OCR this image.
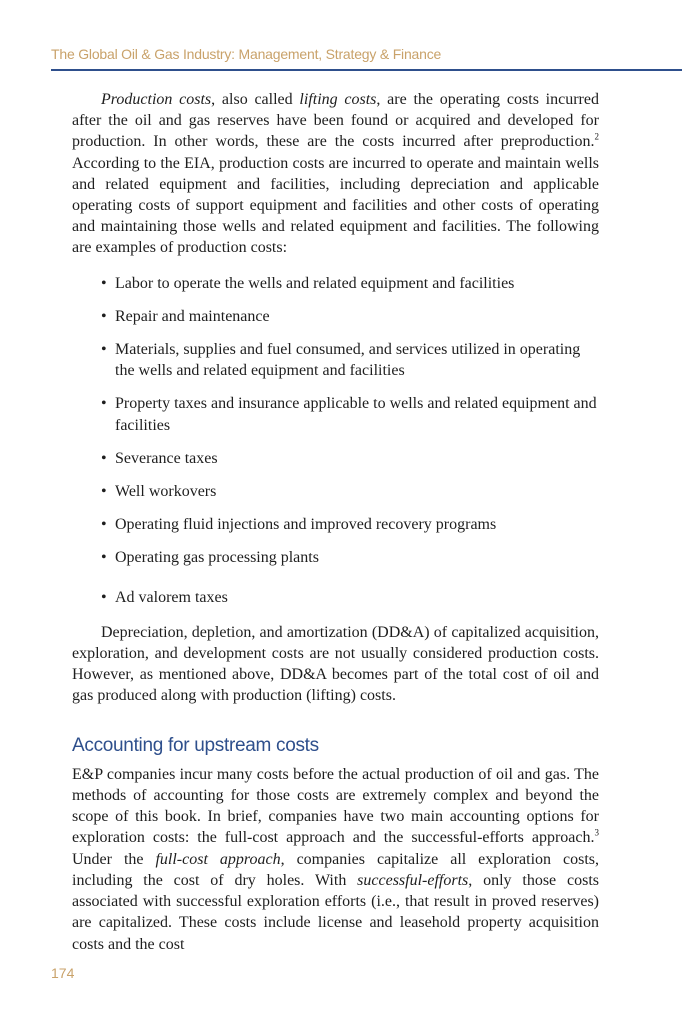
The Global Oil & Gas Industry: Management, Strategy & Finance

Production costs, also called lifting costs, are the operating costs incurred after the oil and gas reserves have been found or acquired and developed for production. In other words, these are the costs incurred after preproduction.$^2$ According to the EIA, production costs are incurred to operate and maintain wells and related equipment and facilities, including depreciation and applicable operating costs of support equipment and facilities and other costs of operating and maintaining those wells and related equipment and facilities. The following are examples of production costs:

• Labor to operate the wells and related equipment and facilities
• Repair and maintenance
• Materials, supplies and fuel consumed, and services utilized in operating the wells and related equipment and facilities
• Property taxes and insurance applicable to wells and related equipment and facilities
• Severance taxes
• Well workovers
• Operating fluid injections and improved recovery programs
• Operating gas processing plants
• Ad valorem taxes

Depreciation, depletion, and amortization (DD&A) of capitalized acquisition, exploration, and development costs are not usually considered production costs. However, as mentioned above, DD&A becomes part of the total cost of oil and gas produced along with production (lifting) costs.

Accounting for upstream costs

E&P companies incur many costs before the actual production of oil and gas. The methods of accounting for those costs are extremely complex and beyond the scope of this book. In brief, companies have two main accounting options for exploration costs: the full-cost approach and the successful-efforts approach.$^3$ Under the full-cost approach, companies capitalize all exploration costs, including the cost of dry holes. With successful-efforts, only those costs associated with successful exploration efforts (i.e., that result in proved reserves) are capitalized. These costs include license and leasehold property acquisition costs and the cost

174
